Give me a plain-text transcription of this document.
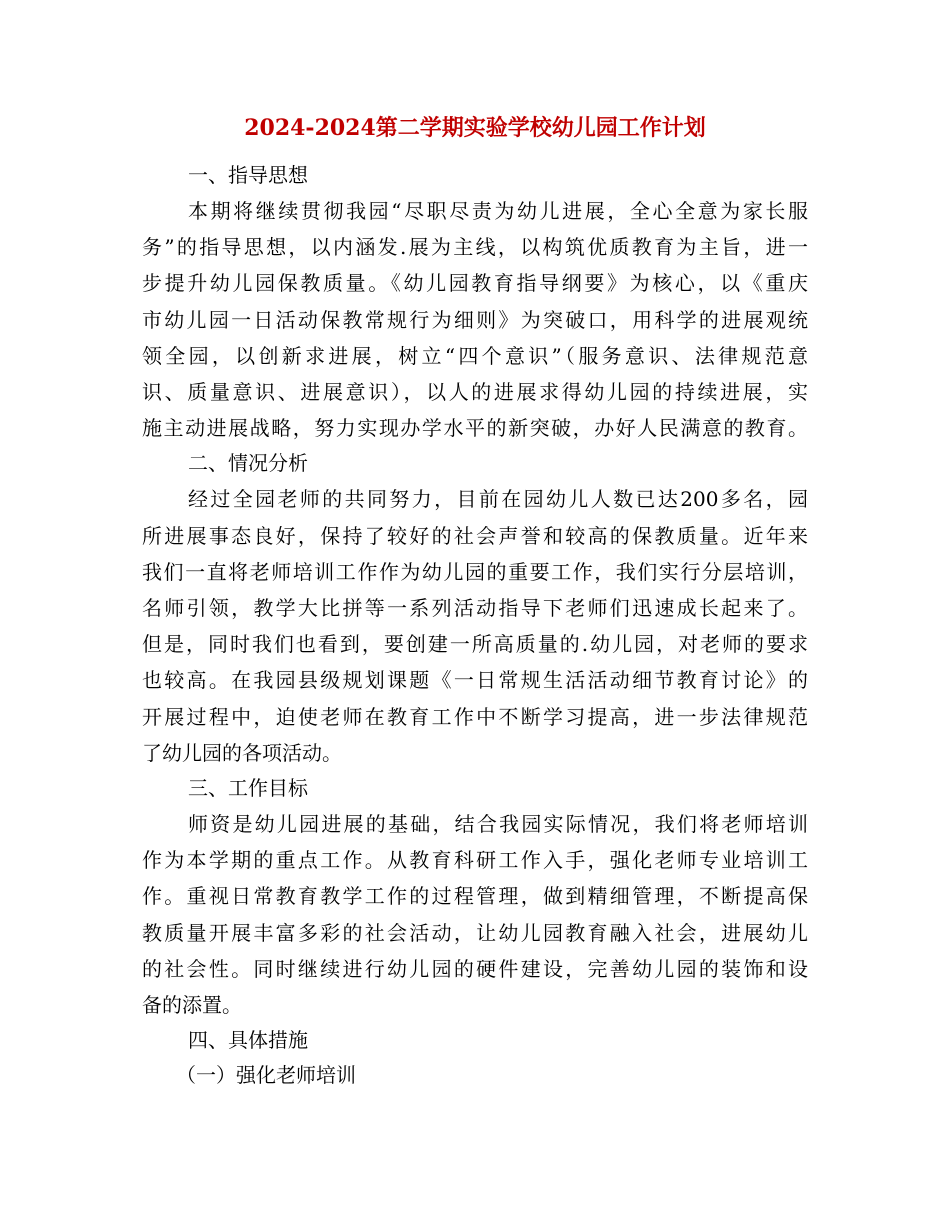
2024-2024第二学期实验学校幼儿园工作计划
一、指导思想
本期将继续贯彻我园“尽职尽责为幼儿进展，全心全意为家长服
务”的指导思想，以内涵发.展为主线，以构筑优质教育为主旨，进一
步提升幼儿园保教质量。《幼儿园教育指导纲要》为核心，以《重庆
市幼儿园一日活动保教常规行为细则》为突破口，用科学的进展观统
领全园，以创新求进展，树立“四个意识”（服务意识、法律规范意
识、质量意识、进展意识），以人的进展求得幼儿园的持续进展，实
施主动进展战略，努力实现办学水平的新突破，办好人民满意的教育。
二、情况分析
经过全园老师的共同努力，目前在园幼儿人数已达200多名，园
所进展事态良好，保持了较好的社会声誉和较高的保教质量。近年来
我们一直将老师培训工作作为幼儿园的重要工作，我们实行分层培训，
名师引领，教学大比拼等一系列活动指导下老师们迅速成长起来了。
但是，同时我们也看到，要创建一所高质量的.幼儿园，对老师的要求
也较高。在我园县级规划课题《一日常规生活活动细节教育讨论》的
开展过程中，迫使老师在教育工作中不断学习提高，进一步法律规范
了幼儿园的各项活动。
三、工作目标
师资是幼儿园进展的基础，结合我园实际情况，我们将老师培训
作为本学期的重点工作。从教育科研工作入手，强化老师专业培训工
作。重视日常教育教学工作的过程管理，做到精细管理，不断提高保
教质量开展丰富多彩的社会活动，让幼儿园教育融入社会，进展幼儿
的社会性。同时继续进行幼儿园的硬件建设，完善幼儿园的装饰和设
备的添置。
四、具体措施
（一）强化老师培训
